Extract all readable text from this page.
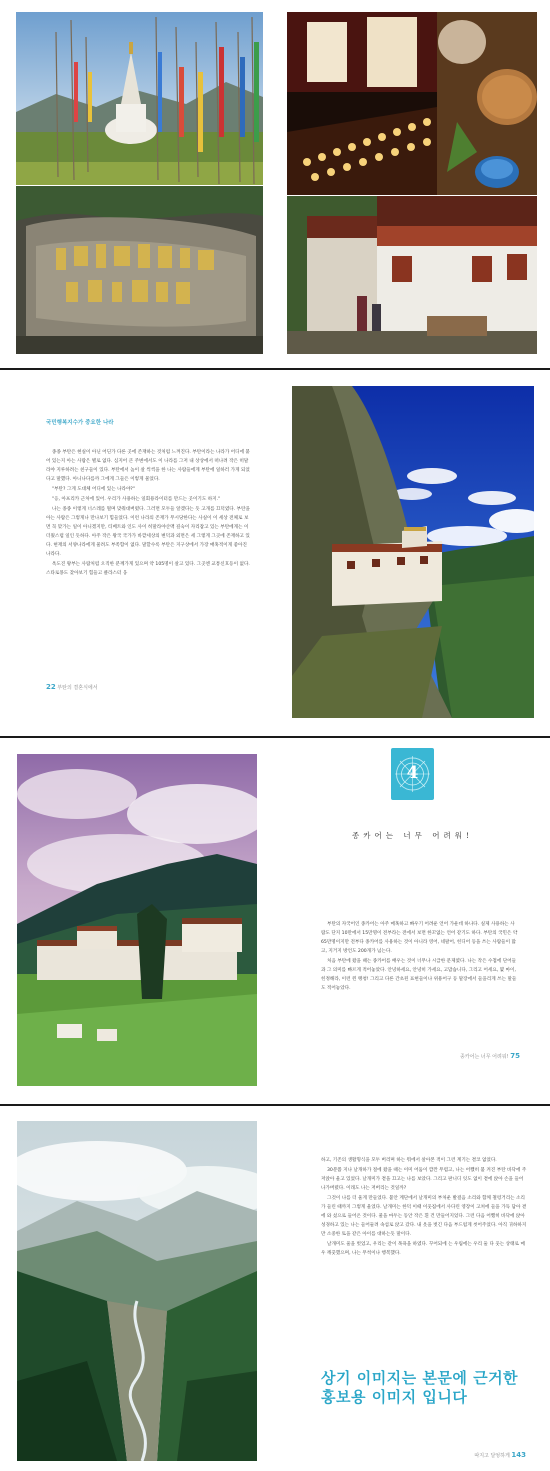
국민행복지수가 중요한 나라

종종 부탄은 현실이 아닌 어딘가 다른 곳에 존재하는 것처럼 느껴진다. 부탄이라는 나라가 어디에 붙어 있는지 아는 사람은 별로 없다. 심지어 큰 주변에서도 이 나라를 그저 내 상상에서 떠나려 작은 히말라야 지루하려는 친구들이 있다. 부탄에서 높이 살 씩씩을 한 나는 사람들에게 부탄에 일하러 가게 되었다고 말했다. 아니나다를까 그에게 그들은 이렇게 물었다.

"부탄? 그게 도대체 어디에 있는 나라야?"

"응, 아프리카 근처에 있어. 우리가 사용하는 일회용라이터를 만드는 곳이기도 하지."

나는 종종 이렇게 너스레를 떨며 맞춰대버렸다. 그러면 모두들 알겠다는 듯 고개를 끄덕였다. 부탄을 아는 사람은 그렇게나 만나보기 힘들었다. 이런 나라의 존재가 무시당한다는 사실이 이 세상 전체로 보면 꼭 맞가는 일이 아니겠지만, 티베트와 인도 사이 히말라야산맥 깊숙이 자리잡고 있는 부탄에게는 이 더웠스럽 일인 듯하다. 아주 작은 왕국 국가가 바깥세상의 변덕과 외면은 세 그렇게 그곳에 존재하고 있다. 현재의 서양나라에게 물려도 부족함이 없다. 말할수록 부탄은 지구상에서 가장 매혹적이게 좋아진 나라다.

옥도진 왕부는 사람처럼 오직한 분께가게 있으며 약 105명이 살고 있다. 그곳엔 교통신호등이 없다. 스타로몽도 찾아보기 힘들고 클라스터 웅

22 부탄의 결혼식에서
4
종카어는 너무 어려워!

부탄의 자국어인 종카어는 아주 매혹하고 빠우기 어려운 언어 가운데 하나다. 실제 사용하는 사람도 단지 10만에서 15만명이 전부라는 전에서 보면 한꼬없는 언어 같기도 하다. 부탄의 국민은 약 65만명이지만 전부다 종카어를 사용하는 것이 아니라 영어, 네팔어, 힌디어 등을 쓰는 사람들이 많고, 지거지 방언도 200개가 넘는다.

처음 부탄에 왔을 때는 종카어를 배우는 것이 너무나 시급한 문제였다. 나는 작은 수첩에 단어들과 그 의미를 빠르게 적어놓았다. 안녕하세요, 안녕히 가세요, 고맙습니다, 그리고 어세요, 몇 마이, 힌정해라, 이런 왼 맹청! 그리고 다른 간초된 표현들이나 위용어구 등 말장에서 들을리게 쓰는 말들도 적어놓았다.

종카어는 너무 어려워! 75

하고, 기존의 생활형식을 모두 버리며 하는 뭐에서 살아본 적이 그런 계기는 결코 없었다.

30분쯤 지나 날개하가 절에 왔을 때는 이미 어둠이 깜깐 무렵고, 나는 어쨌히 불 켜진 부탄 바닥에 주저앉아 울고 있었다. 날개미가 곁을 끄고는 나를 보았다. 그리고 판니디 잇도 없이 곁에 앉아 손을 들어 나가버렸다. 이래도 나는 저버리는 것일까?

그것이 나를 더 울게 만들었다. 불안 계단에서 날개미의 부처운 발걸음 소리와 함께 철렁거리는 소리가 들린 때까지 그렇게 울었다. 날개미는 한덕 이때 이웃집에서 사다린 영장이 고쳐에 들을 가득 담아 곁에 와 섰으로 들어온 것이다. 물을 마두는 동안 작은 흰 건 만들어지었다. 그런 다음 어쨌히 바닥에 앉아 성경하고 있는 나는 들어둘려 속섬로 앉고 갔다. 내 옷을 벗긴 다음 부드럽게 씻어주었다. 아직 귀하하지만 소중한 토을 같은 아이를 대하는듯 말이다.

날개미도 울을 벗었고, 우리는 같이 목욕을 하였다. 꾸어되에 는 우림에는 우리 둘 다 웃는 상태로 매우 깨끗했으며, 나는 무척이나 행복했다.

상기 이미지는 본문에 근거한 홍보용 이미지 입니다
따지고 달엉하게 143
